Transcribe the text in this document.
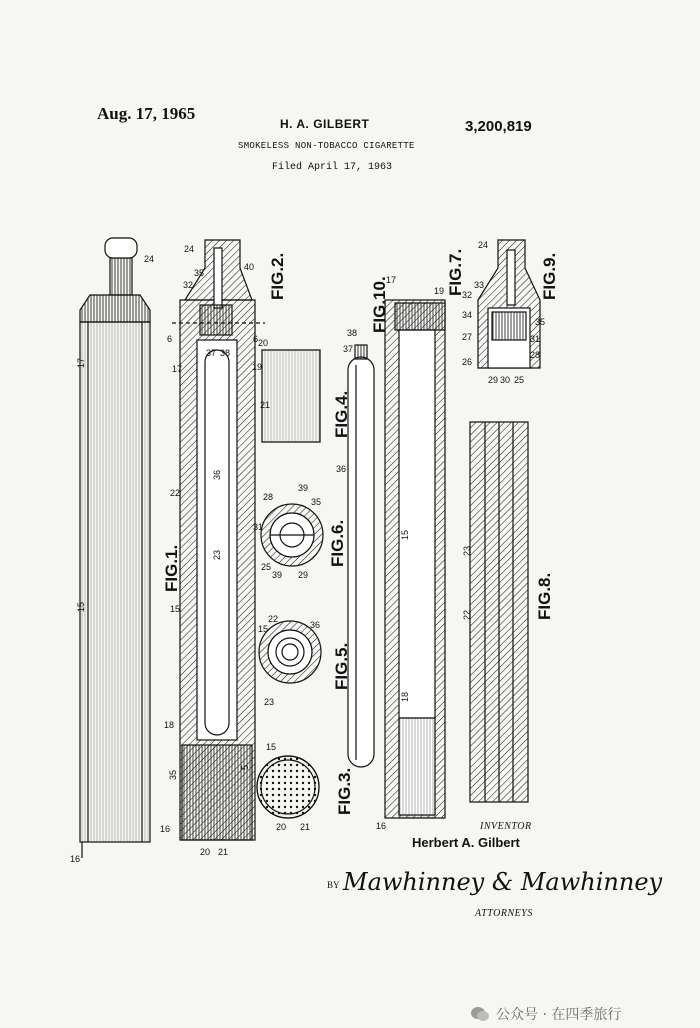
Aug. 17, 1965
H. A. GILBERT	3,200,819
SMOKELESS NON-TOBACCO CIGARETTE
Filed April 17, 1963
FIG.1.
FIG.2.
FIG.3.
FIG.4.
FIG.5.
FIG.6.
FIG.7.
FIG.8.
FIG.9.
FIG.10.
24
17
15
16
24
40
32
35
6	6
17
37 38
19
22
36
23
15
18
35
5
16
20 21
20
21
31
28
39
35
25
39 29
15
22
36
23
15
20 21
38
37
36
17
19
15
18
16
24
32
33
34
27
26
31
35
28
29 30 25
23
22
INVENTOR
Herbert A. Gilbert
BY Mawhinney & Mawhinney
ATTORNEYS
公众号 · 在四季旅行
